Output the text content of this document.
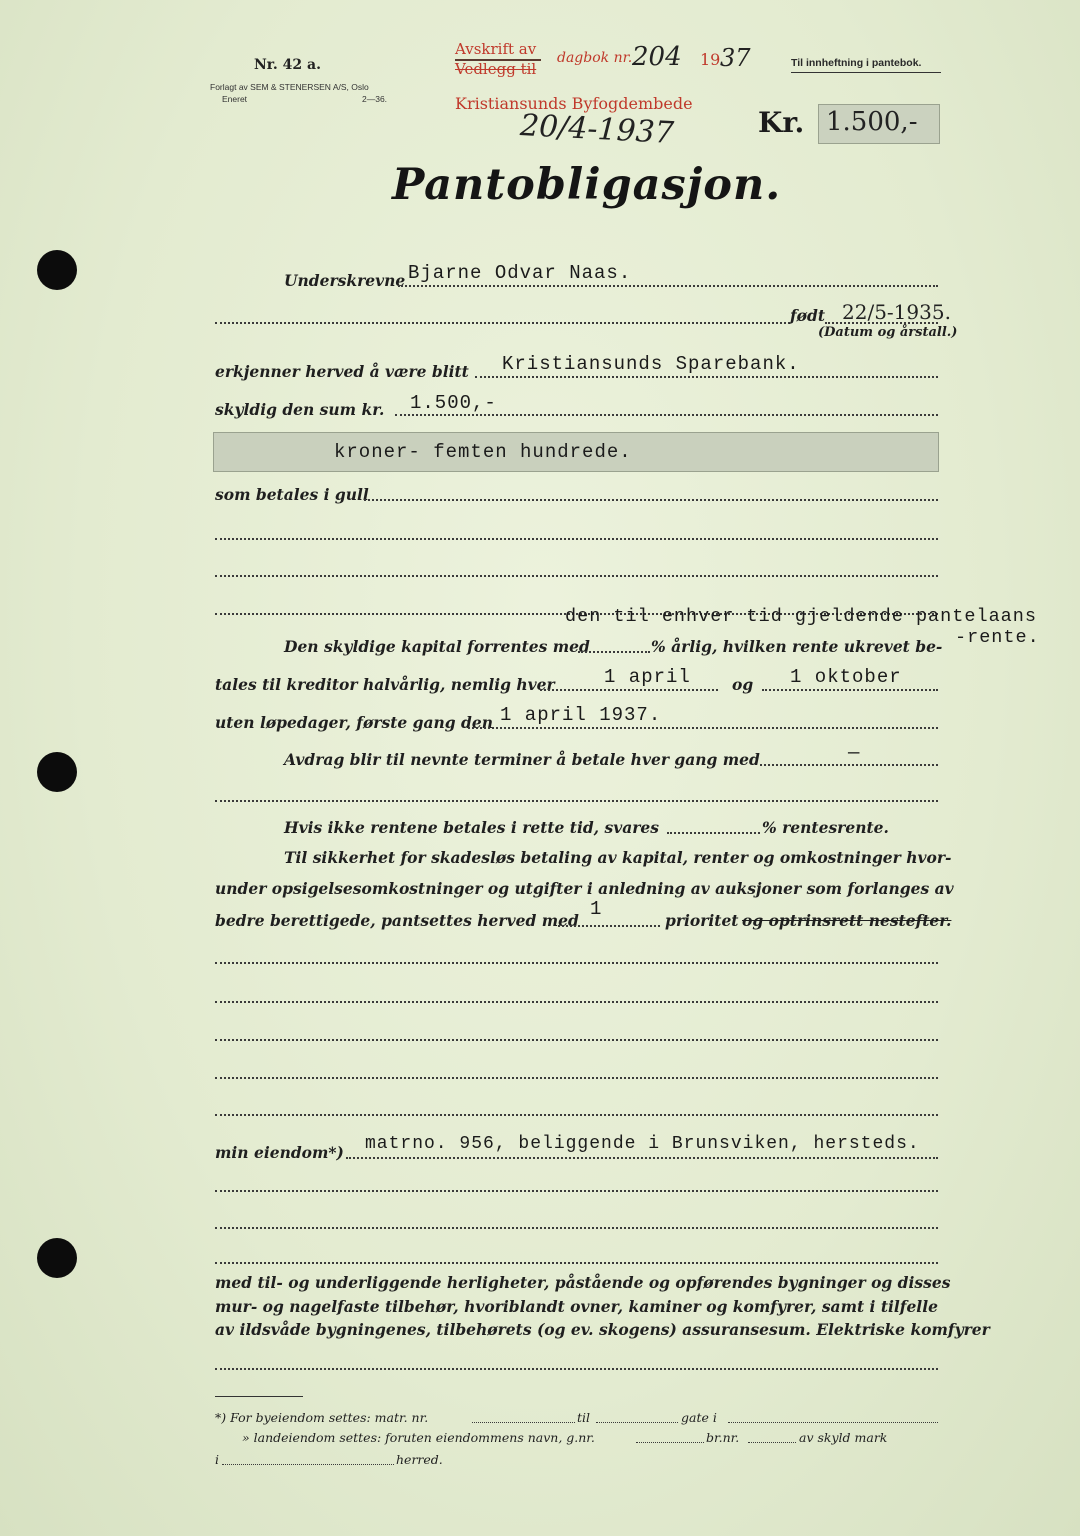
Nr. 42 a.
Forlagt av SEM & STENERSEN A/S, Oslo
Eneret	2—36.
Avskrift av
Vedlegg til
Kristiansunds Byfogdembede
dagbok nr. 204 19 37	Til innheftning i pantebok.
20/4-1937	Kr. 1.500,-
Pantobligasjon.
Underskrevne Bjarne Odvar Naas.
født 22/5-1935.
(Datum og årstall.)
erkjenner herved å være blitt Kristiansunds Sparebank.
skyldig den sum kr. 1.500,-
kroner- femten hundrede.
som betales i gull
den til enhver tid gjeldende pantelaans
Den skyldige kapital forrentes med	% årlig, hvilken rente ukrevet be- -rente.
tales til kreditor halvårlig, nemlig hver	1 april	og 1 oktober
uten løpedager, første gang den 1 april 1937.
Avdrag blir til nevnte terminer å betale hver gang med	—
Hvis ikke rentene betales i rette tid, svares	% rentesrente.
Til sikkerhet for skadesløs betaling av kapital, renter og omkostninger hvor-
under opsigelsesomkostninger og utgifter i anledning av auksjoner som forlanges av
bedre berettigede, pantsettes herved med
1
prioritet og optrinsrett nestefter.
min eiendom*) matrno. 956, beliggende i Brunsviken, hersteds.
med til- og underliggende herligheter, påstående og opførendes bygninger og disses
mur- og nagelfaste tilbehør, hvoriblandt ovner, kaminer og komfyrer, samt i tilfelle
av ildsvåde bygningenes, tilbehørets (og ev. skogens) assuransesum. Elektriske komfyrer
*) For byeiendom settes: matr. nr.	til	gate i
» landeiendom settes: foruten eiendommens navn, g.nr.	br.nr.	av skyld mark
i	herred.
